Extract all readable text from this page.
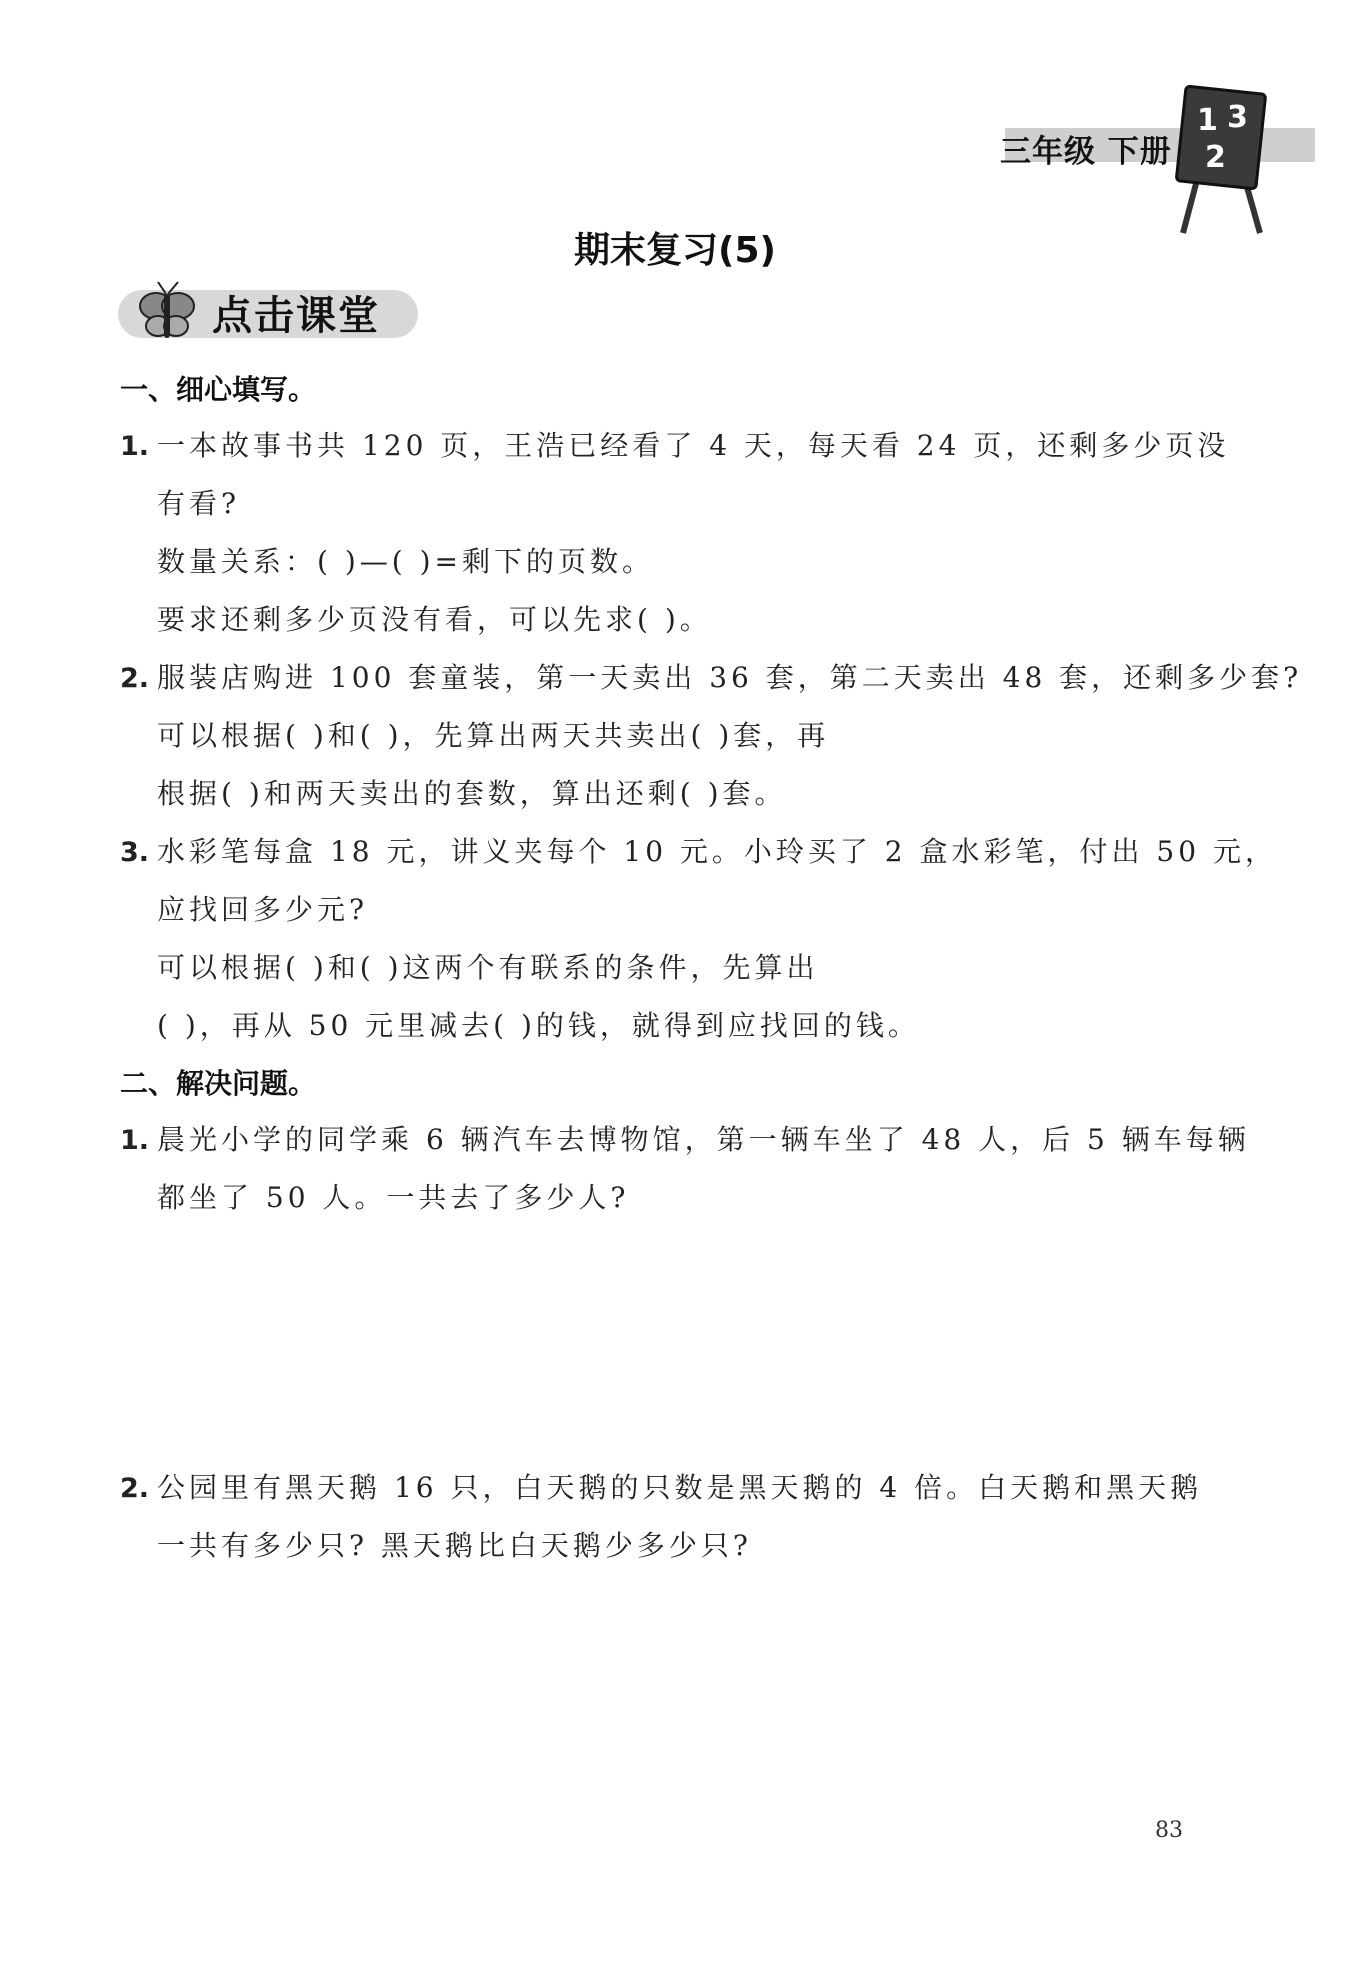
三年级 下册
1 3
2
期末复习(5)
点击课堂
一、细心填写。
1. 一本故事书共 120 页，王浩已经看了 4 天，每天看 24 页，还剩多少页没
有看?
数量关系：( )—( )=剩下的页数。
要求还剩多少页没有看，可以先求( )。
2. 服装店购进 100 套童装，第一天卖出 36 套，第二天卖出 48 套，还剩多少套?
可以根据( )和( )，先算出两天共卖出( )套，再
根据( )和两天卖出的套数，算出还剩( )套。
3. 水彩笔每盒 18 元，讲义夹每个 10 元。小玲买了 2 盒水彩笔，付出 50 元，
应找回多少元?
可以根据( )和( )这两个有联系的条件，先算出
( )，再从 50 元里减去( )的钱，就得到应找回的钱。
二、解决问题。
1. 晨光小学的同学乘 6 辆汽车去博物馆，第一辆车坐了 48 人，后 5 辆车每辆
都坐了 50 人。一共去了多少人?
2. 公园里有黑天鹅 16 只，白天鹅的只数是黑天鹅的 4 倍。白天鹅和黑天鹅
一共有多少只? 黑天鹅比白天鹅少多少只?
83
